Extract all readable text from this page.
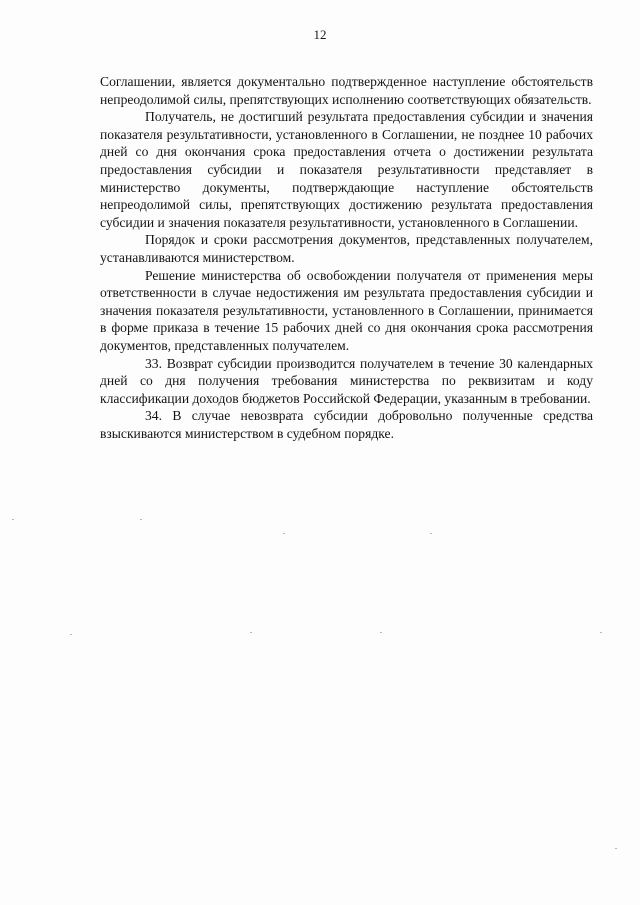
12

Соглашении, является документально подтвержденное наступление обстоятельств непреодолимой силы, препятствующих исполнению соответствующих обязательств.

Получатель, не достигший результата предоставления субсидии и значения показателя результативности, установленного в Соглашении, не позднее 10 рабочих дней со дня окончания срока предоставления отчета о достижении результата предоставления субсидии и показателя результативности представляет в министерство документы, подтверждающие наступление обстоятельств непреодолимой силы, препятствующих достижению результата предоставления субсидии и значения показателя результативности, установленного в Соглашении.

Порядок и сроки рассмотрения документов, представленных получателем, устанавливаются министерством.

Решение министерства об освобождении получателя от применения меры ответственности в случае недостижения им результата предоставления субсидии и значения показателя результативности, установленного в Соглашении, принимается в форме приказа в течение 15 рабочих дней со дня окончания срока рассмотрения документов, представленных получателем.

33. Возврат субсидии производится получателем в течение 30 календарных дней со дня получения требования министерства по реквизитам и коду классификации доходов бюджетов Российской Федерации, указанным в требовании.

34. В случае невозврата субсидии добровольно полученные средства взыскиваются министерством в судебном порядке.
